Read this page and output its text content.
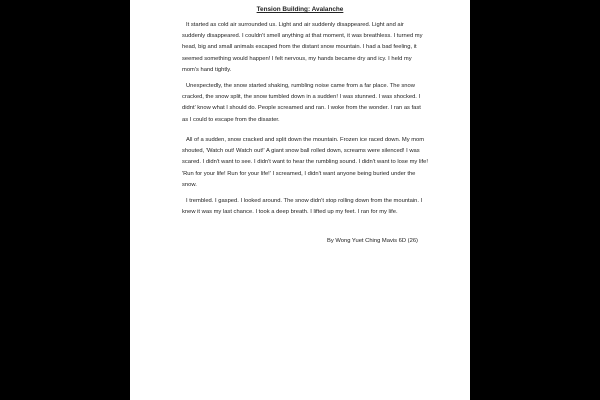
Tension Building: Avalanche

It started as cold air surrounded us. Light and air suddenly disappeared. Light and air suddenly disappeared. I couldn't smell anything at that moment, it was breathless. I turned my head, big and small animals escaped from the distant snow mountain. I had a bad feeling, it seemed something would happen! I felt nervous, my hands became dry and icy. I held my mom's hand tightly.

Unexpectedly, the snow started shaking, rumbling noise came from a far place. The snow cracked, the snow split, the snow tumbled down in a sudden! I was stunned. I was shocked. I didnt' know what I should do. People screamed and ran. I woke from the wonder. I ran as fast as I could to escape from the disaster.

All of a sudden, snow cracked and split down the mountain. Frozen ice raced down. My mom shouted, 'Watch out! Watch out!' A giant snow ball rolled down, screams were silenced! I was scared. I didn't want to see. I didn't want to hear the rumbling sound. I didn't want to lose my life! 'Run for your life! Run for your life!' I screamed, I didn't want anyone being buried under the snow.

I trembled. I gasped. I looked around. The snow didn't stop rolling down from the mountain. I knew it was my last chance. I took a deep breath. I lifted up my feet. I ran for my life.

By Wong Yuet Ching Mavis 6D (26)
